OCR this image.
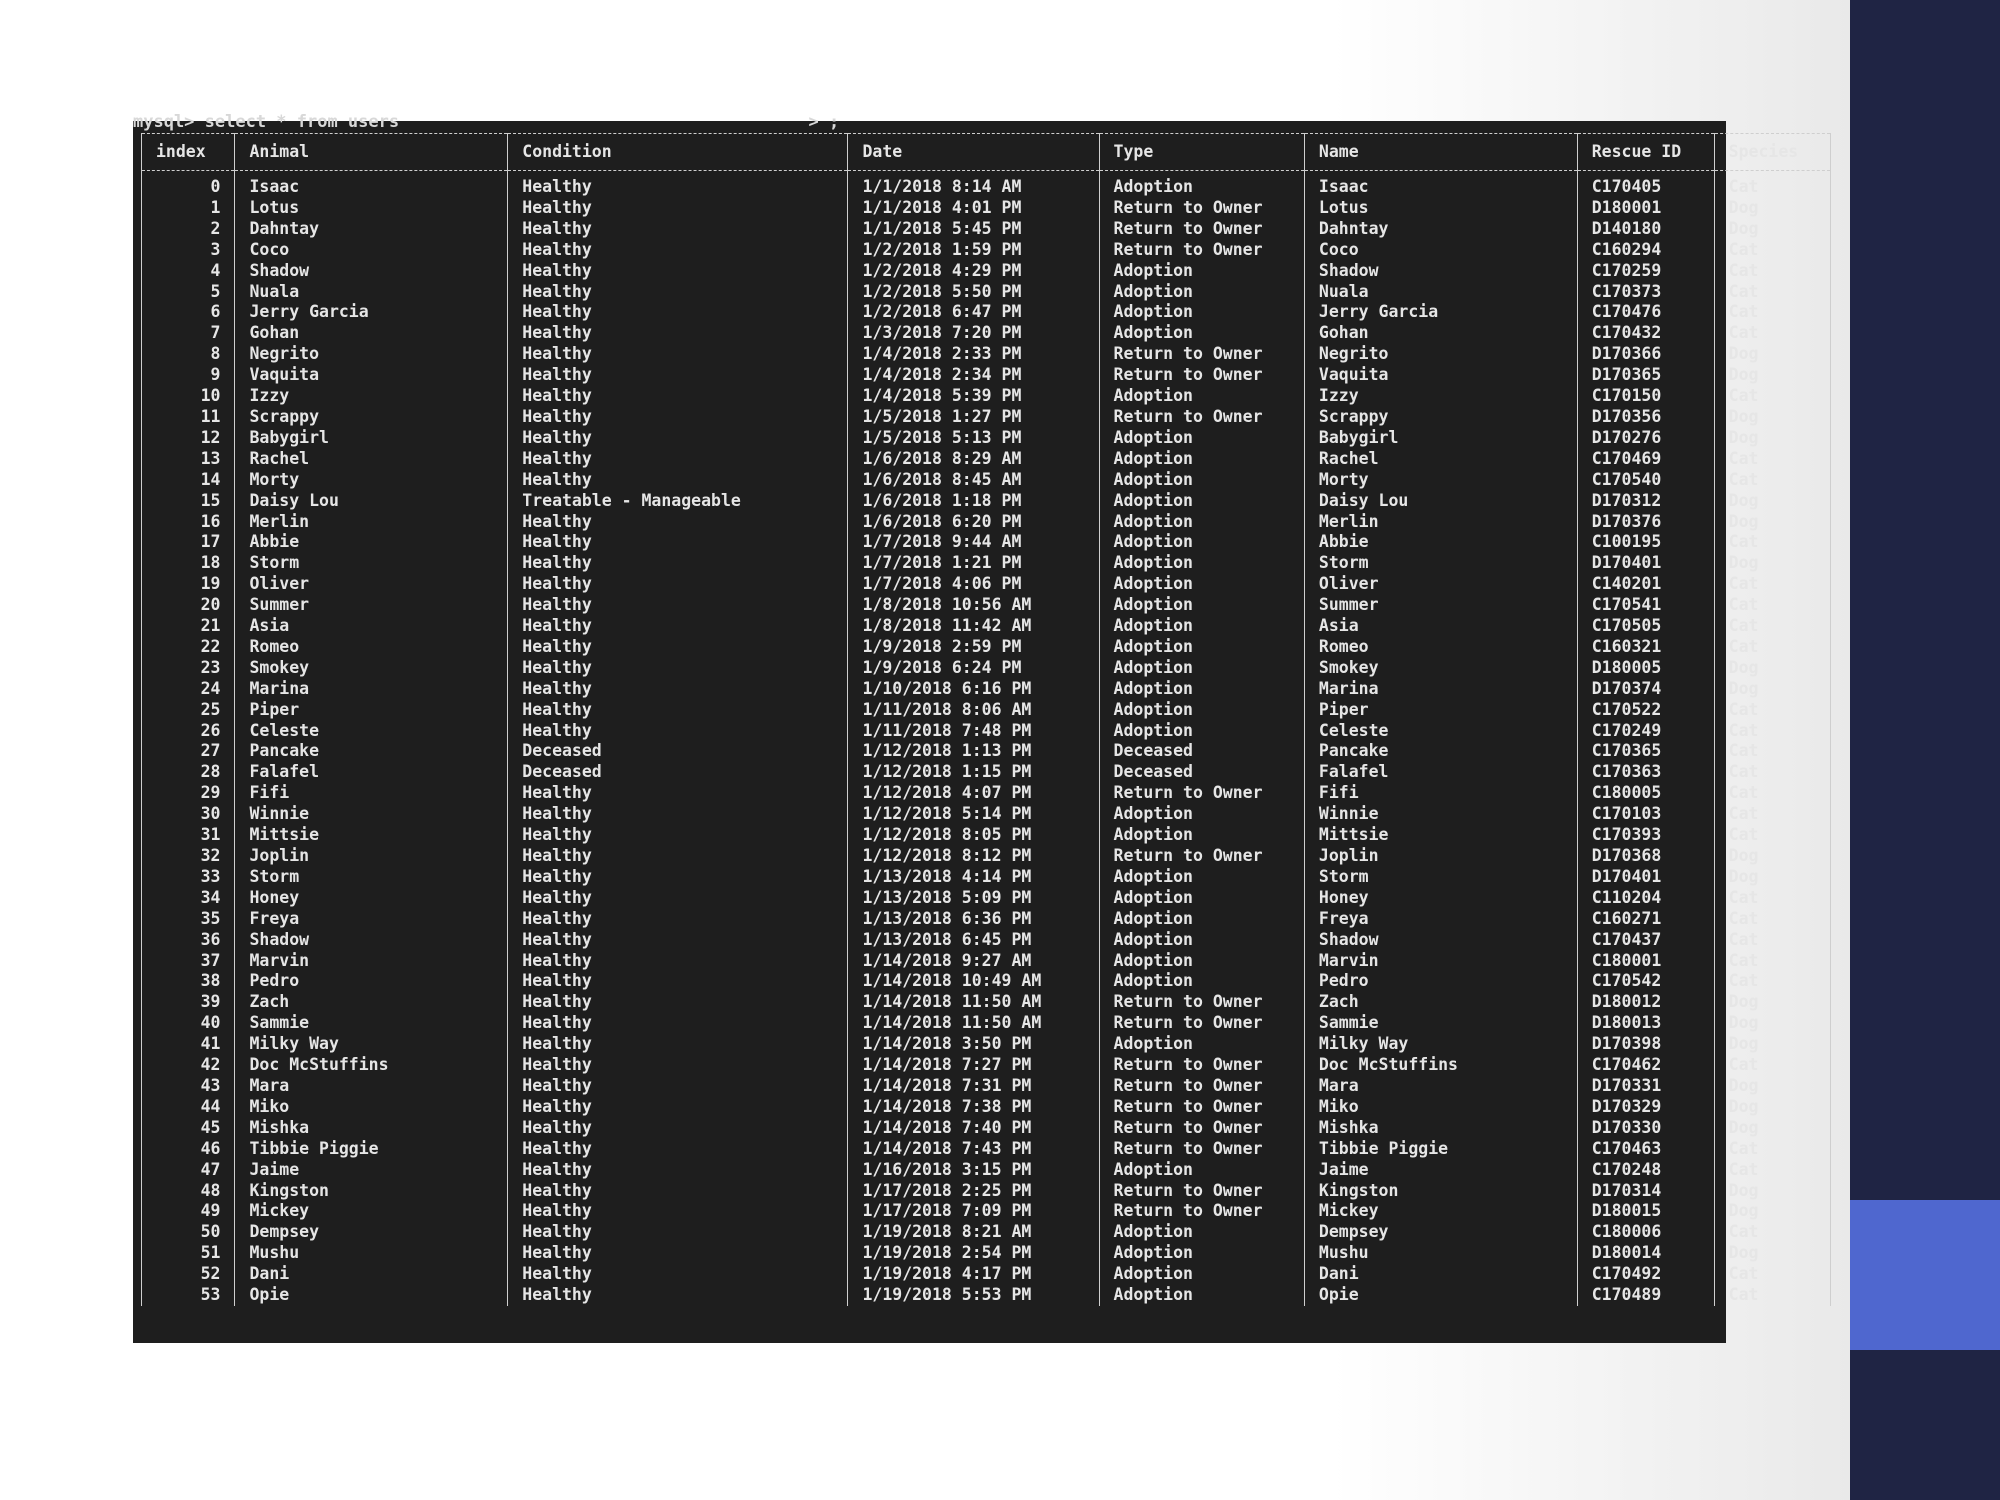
mysql> select * from users                                        > ;
index	Animal	Condition	Date	Type	Name	Rescue ID	Species

0	Isaac	Healthy	1/1/2018 8:14 AM	Adoption	Isaac	C170405	Cat
1	Lotus	Healthy	1/1/2018 4:01 PM	Return to Owner	Lotus	D180001	Dog
2	Dahntay	Healthy	1/1/2018 5:45 PM	Return to Owner	Dahntay	D140180	Dog
3	Coco	Healthy	1/2/2018 1:59 PM	Return to Owner	Coco	C160294	Cat
4	Shadow	Healthy	1/2/2018 4:29 PM	Adoption	Shadow	C170259	Cat
5	Nuala	Healthy	1/2/2018 5:50 PM	Adoption	Nuala	C170373	Cat
6	Jerry Garcia	Healthy	1/2/2018 6:47 PM	Adoption	Jerry Garcia	C170476	Cat
7	Gohan	Healthy	1/3/2018 7:20 PM	Adoption	Gohan	C170432	Cat
8	Negrito	Healthy	1/4/2018 2:33 PM	Return to Owner	Negrito	D170366	Dog
9	Vaquita	Healthy	1/4/2018 2:34 PM	Return to Owner	Vaquita	D170365	Dog
10	Izzy	Healthy	1/4/2018 5:39 PM	Adoption	Izzy	C170150	Cat
11	Scrappy	Healthy	1/5/2018 1:27 PM	Return to Owner	Scrappy	D170356	Dog
12	Babygirl	Healthy	1/5/2018 5:13 PM	Adoption	Babygirl	D170276	Dog
13	Rachel	Healthy	1/6/2018 8:29 AM	Adoption	Rachel	C170469	Cat
14	Morty	Healthy	1/6/2018 8:45 AM	Adoption	Morty	C170540	Cat
15	Daisy Lou	Treatable - Manageable	1/6/2018 1:18 PM	Adoption	Daisy Lou	D170312	Dog
16	Merlin	Healthy	1/6/2018 6:20 PM	Adoption	Merlin	D170376	Dog
17	Abbie	Healthy	1/7/2018 9:44 AM	Adoption	Abbie	C100195	Cat
18	Storm	Healthy	1/7/2018 1:21 PM	Adoption	Storm	D170401	Dog
19	Oliver	Healthy	1/7/2018 4:06 PM	Adoption	Oliver	C140201	Cat
20	Summer	Healthy	1/8/2018 10:56 AM	Adoption	Summer	C170541	Cat
21	Asia	Healthy	1/8/2018 11:42 AM	Adoption	Asia	C170505	Cat
22	Romeo	Healthy	1/9/2018 2:59 PM	Adoption	Romeo	C160321	Cat
23	Smokey	Healthy	1/9/2018 6:24 PM	Adoption	Smokey	D180005	Dog
24	Marina	Healthy	1/10/2018 6:16 PM	Adoption	Marina	D170374	Dog
25	Piper	Healthy	1/11/2018 8:06 AM	Adoption	Piper	C170522	Cat
26	Celeste	Healthy	1/11/2018 7:48 PM	Adoption	Celeste	C170249	Cat
27	Pancake	Deceased	1/12/2018 1:13 PM	Deceased	Pancake	C170365	Cat
28	Falafel	Deceased	1/12/2018 1:15 PM	Deceased	Falafel	C170363	Cat
29	Fifi	Healthy	1/12/2018 4:07 PM	Return to Owner	Fifi	C180005	Cat
30	Winnie	Healthy	1/12/2018 5:14 PM	Adoption	Winnie	C170103	Cat
31	Mittsie	Healthy	1/12/2018 8:05 PM	Adoption	Mittsie	C170393	Cat
32	Joplin	Healthy	1/12/2018 8:12 PM	Return to Owner	Joplin	D170368	Dog
33	Storm	Healthy	1/13/2018 4:14 PM	Adoption	Storm	D170401	Dog
34	Honey	Healthy	1/13/2018 5:09 PM	Adoption	Honey	C110204	Cat
35	Freya	Healthy	1/13/2018 6:36 PM	Adoption	Freya	C160271	Cat
36	Shadow	Healthy	1/13/2018 6:45 PM	Adoption	Shadow	C170437	Cat
37	Marvin	Healthy	1/14/2018 9:27 AM	Adoption	Marvin	C180001	Cat
38	Pedro	Healthy	1/14/2018 10:49 AM	Adoption	Pedro	C170542	Cat
39	Zach	Healthy	1/14/2018 11:50 AM	Return to Owner	Zach	D180012	Dog
40	Sammie	Healthy	1/14/2018 11:50 AM	Return to Owner	Sammie	D180013	Dog
41	Milky Way	Healthy	1/14/2018 3:50 PM	Adoption	Milky Way	D170398	Dog
42	Doc McStuffins	Healthy	1/14/2018 7:27 PM	Return to Owner	Doc McStuffins	C170462	Cat
43	Mara	Healthy	1/14/2018 7:31 PM	Return to Owner	Mara	D170331	Dog
44	Miko	Healthy	1/14/2018 7:38 PM	Return to Owner	Miko	D170329	Dog
45	Mishka	Healthy	1/14/2018 7:40 PM	Return to Owner	Mishka	D170330	Dog
46	Tibbie Piggie	Healthy	1/14/2018 7:43 PM	Return to Owner	Tibbie Piggie	C170463	Cat
47	Jaime	Healthy	1/16/2018 3:15 PM	Adoption	Jaime	C170248	Cat
48	Kingston	Healthy	1/17/2018 2:25 PM	Return to Owner	Kingston	D170314	Dog
49	Mickey	Healthy	1/17/2018 7:09 PM	Return to Owner	Mickey	D180015	Dog
50	Dempsey	Healthy	1/19/2018 8:21 AM	Adoption	Dempsey	C180006	Cat
51	Mushu	Healthy	1/19/2018 2:54 PM	Adoption	Mushu	D180014	Dog
52	Dani	Healthy	1/19/2018 4:17 PM	Adoption	Dani	C170492	Cat
53	Opie	Healthy	1/19/2018 5:53 PM	Adoption	Opie	C170489	Cat
